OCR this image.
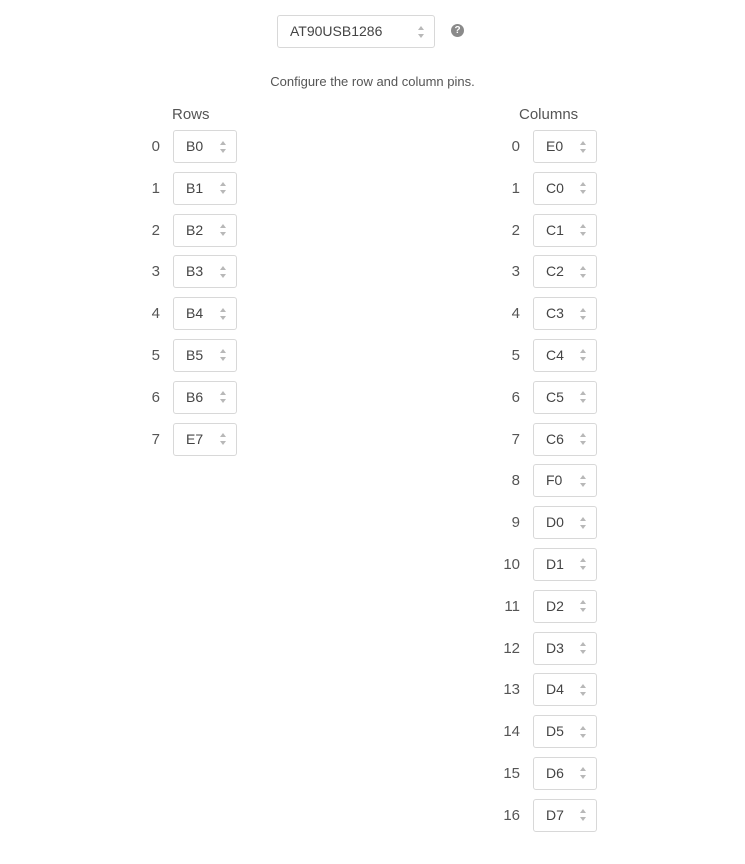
AT90USB1286	?
Configure the row and column pins.
Rows	Columns
0 B0
1 B1
2 B2
3 B3
4 B4
5 B5
6 B6
7 E7
0 E0
1 C0
2 C1
3 C2
4 C3
5 C4
6 C5
7 C6
8 F0
9 D0
10 D1
11 D2
12 D3
13 D4
14 D5
15 D6
16 D7
